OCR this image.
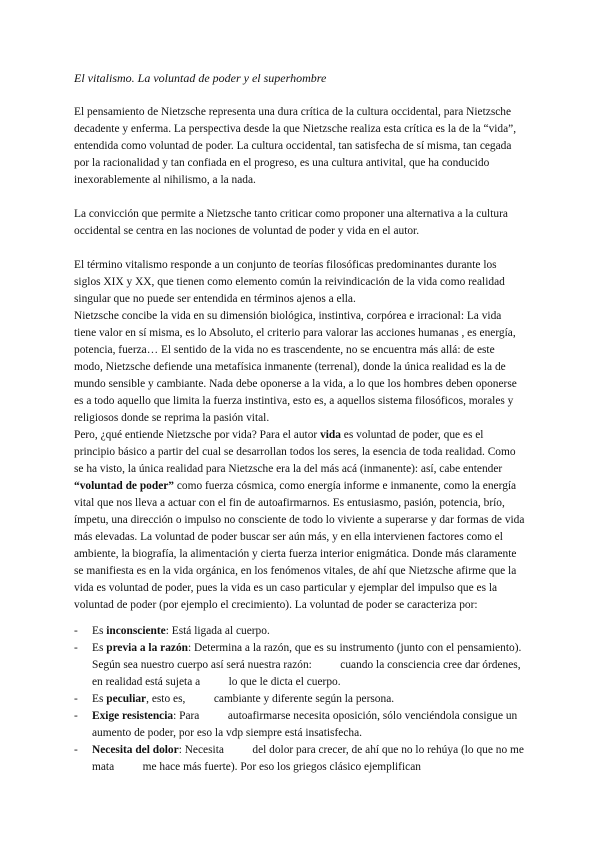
El vitalismo. La voluntad de poder y el superhombre

El pensamiento de Nietzsche representa una dura crítica de la cultura occidental, para Nietzsche decadente y enferma. La perspectiva desde la que Nietzsche realiza esta crítica es la de la “vida”, entendida como voluntad de poder. La cultura occidental, tan satisfecha de sí misma, tan cegada por la racionalidad y tan confiada en el progreso, es una cultura antivital, que ha conducido inexorablemente al nihilismo, a la nada.

La convicción que permite a Nietzsche tanto criticar como proponer una alternativa a la cultura occidental se centra en las nociones de voluntad de poder y vida en el autor.

El término vitalismo responde a un conjunto de teorías filosóficas predominantes durante los siglos XIX y XX, que tienen como elemento común la reivindicación de la vida como realidad singular que no puede ser entendida en términos ajenos a ella.

Nietzsche concibe la vida en su dimensión biológica, instintiva, corpórea e irracional: La vida tiene valor en sí misma, es lo Absoluto, el criterio para valorar las acciones humanas , es energía, potencia, fuerza… El sentido de la vida no es trascendente, no se encuentra más allá: de este modo, Nietzsche defiende una metafísica inmanente (terrenal), donde la única realidad es la de mundo sensible y cambiante. Nada debe oponerse a la vida, a lo que los hombres deben oponerse es a todo aquello que limita la fuerza instintiva, esto es, a aquellos sistema filosóficos, morales y religiosos donde se reprima la pasión vital.

Pero, ¿qué entiende Nietzsche por vida? Para el autor vida es voluntad de poder, que es el principio básico a partir del cual se desarrollan todos los seres, la esencia de toda realidad. Como se ha visto, la única realidad para Nietzsche era la del más acá (inmanente): así, cabe entender “voluntad de poder” como fuerza cósmica, como energía informe e inmanente, como la energía vital que nos lleva a actuar con el fin de autoafirmarnos. Es entusiasmo, pasión, potencia, brío, ímpetu, una dirección o impulso no consciente de todo lo viviente a superarse y dar formas de vida más elevadas. La voluntad de poder buscar ser aún más, y en ella intervienen factores como el ambiente, la biografía, la alimentación y cierta fuerza interior enigmática. Donde más claramente se manifiesta es en la vida orgánica, en los fenómenos vitales, de ahí que Nietzsche afirme que la vida es voluntad de poder, pues la vida es un caso particular y ejemplar del impulso que es la voluntad de poder (por ejemplo el crecimiento). La voluntad de poder se caracteriza por:

-	Es inconsciente: Está ligada al cuerpo.
-	Es previa a la razón: Determina a la razón, que es su instrumento (junto con el pensamiento). Según sea nuestro cuerpo así será nuestra razón:          cuando la consciencia cree dar órdenes, en realidad está sujeta a          lo que le dicta el cuerpo.
-	Es peculiar, esto es,          cambiante y diferente según la persona.
-	Exige resistencia: Para          autoafirmarse necesita oposición, sólo venciéndola consigue un          aumento de poder, por eso la vdp siempre está insatisfecha.
-	Necesita del dolor: Necesita          del dolor para crecer, de ahí que no lo rehúya (lo que no me mata          me hace más fuerte). Por eso los griegos clásico ejemplifican
